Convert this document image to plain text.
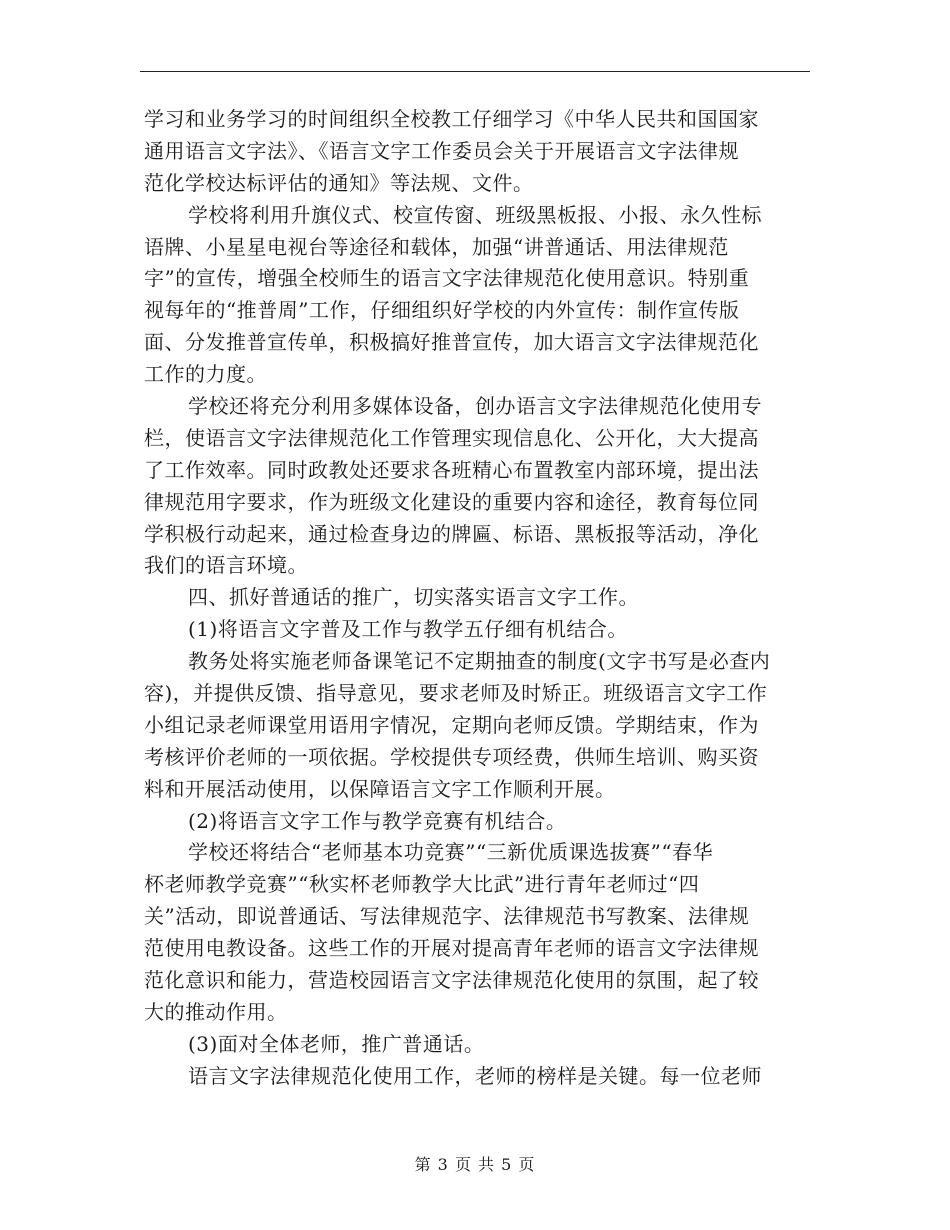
学习和业务学习的时间组织全校教工仔细学习《中华人民共和国国家
通用语言文字法》、《语言文字工作委员会关于开展语言文字法律规
范化学校达标评估的通知》等法规、文件。
学校将利用升旗仪式、校宣传窗、班级黑板报、小报、永久性标
语牌、小星星电视台等途径和载体，加强“讲普通话、用法律规范
字”的宣传，增强全校师生的语言文字法律规范化使用意识。特别重
视每年的“推普周”工作，仔细组织好学校的内外宣传：制作宣传版
面、分发推普宣传单，积极搞好推普宣传，加大语言文字法律规范化
工作的力度。
学校还将充分利用多媒体设备，创办语言文字法律规范化使用专
栏，使语言文字法律规范化工作管理实现信息化、公开化，大大提高
了工作效率。同时政教处还要求各班精心布置教室内部环境，提出法
律规范用字要求，作为班级文化建设的重要内容和途径，教育每位同
学积极行动起来，通过检查身边的牌匾、标语、黑板报等活动，净化
我们的语言环境。
四、抓好普通话的推广，切实落实语言文字工作。
(1)将语言文字普及工作与教学五仔细有机结合。
教务处将实施老师备课笔记不定期抽查的制度(文字书写是必查内
容)，并提供反馈、指导意见，要求老师及时矫正。班级语言文字工作
小组记录老师课堂用语用字情况，定期向老师反馈。学期结束，作为
考核评价老师的一项依据。学校提供专项经费，供师生培训、购买资
料和开展活动使用，以保障语言文字工作顺利开展。
(2)将语言文字工作与教学竞赛有机结合。
学校还将结合“老师基本功竞赛”“三新优质课选拔赛”“春华
杯老师教学竞赛”“秋实杯老师教学大比武”进行青年老师过“四
关”活动，即说普通话、写法律规范字、法律规范书写教案、法律规
范使用电教设备。这些工作的开展对提高青年老师的语言文字法律规
范化意识和能力，营造校园语言文字法律规范化使用的氛围，起了较
大的推动作用。
(3)面对全体老师，推广普通话。
语言文字法律规范化使用工作，老师的榜样是关键。每一位老师
第 3 页 共 5 页
